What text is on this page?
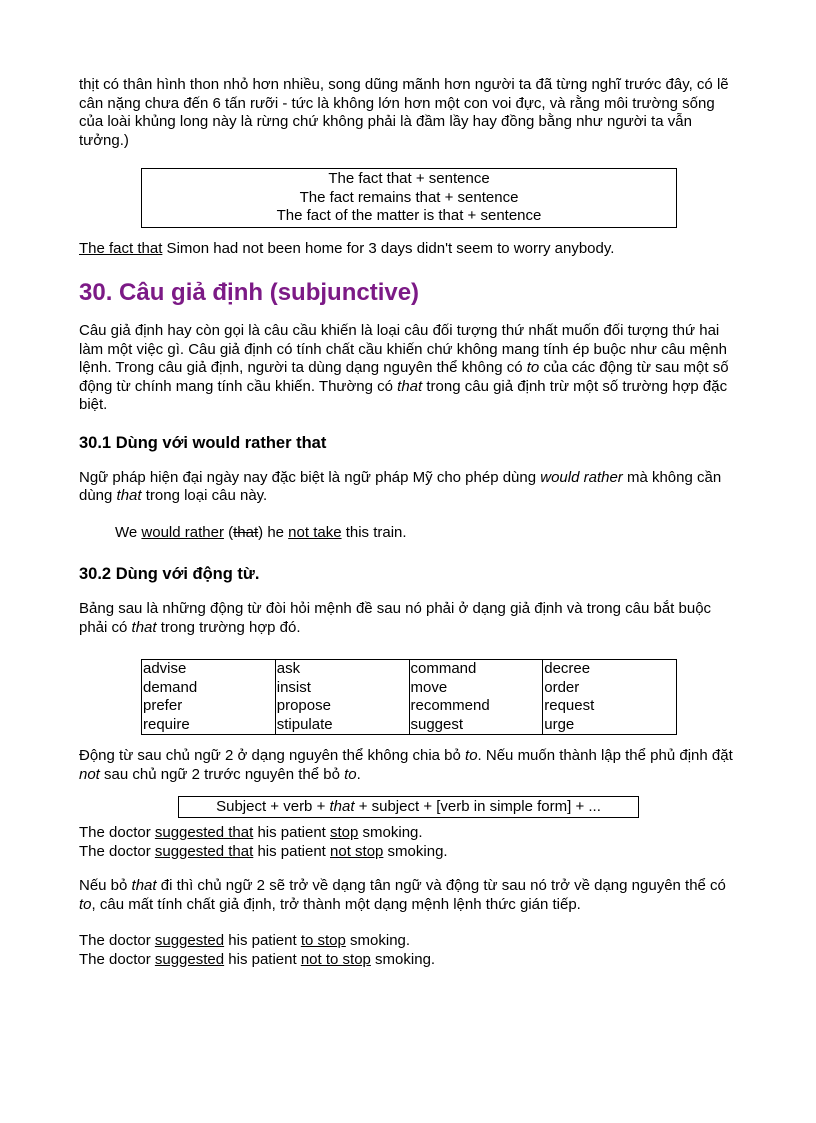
thịt có thân hình thon nhỏ hơn nhiều, song dũng mãnh hơn người ta đã từng nghĩ trước đây, có lẽ cân nặng chưa đến 6 tấn rưỡi - tức là không lớn hơn một con voi đực, và rằng môi trường sống của loài khủng long này là rừng chứ không phải là đầm lầy hay đồng bằng như người ta vẫn tưởng.)

The fact that + sentence
The fact remains that + sentence
The fact of the matter is that + sentence

The fact that Simon had not been home for 3 days didn't seem to worry anybody.

30. Câu giả định (subjunctive)

Câu giả định hay còn gọi là câu cầu khiến là loại câu đối tượng thứ nhất muốn đối tượng thứ hai làm một việc gì. Câu giả định có tính chất cầu khiến chứ không mang tính ép buộc như câu mệnh lệnh. Trong câu giả định, người ta dùng dạng nguyên thể không có to của các động từ sau một số động từ chính mang tính cầu khiến. Thường có that trong câu giả định trừ một số trường hợp đặc biệt.

30.1 Dùng với would rather that

Ngữ pháp hiện đại ngày nay đặc biệt là ngữ pháp Mỹ cho phép dùng would rather mà không cần dùng that trong loại câu này.

We would rather (that) he not take this train.

30.2 Dùng với động từ.

Bảng sau là những động từ đòi hỏi mệnh đề sau nó phải ở dạng giả định và trong câu bắt buộc phải có that trong trường hợp đó.

advise	ask	command	decree
demand	insist	move	order
prefer	propose	recommend	request
require	stipulate	suggest	urge

Động từ sau chủ ngữ 2 ở dạng nguyên thể không chia bỏ to. Nếu muốn thành lập thể phủ định đặt not sau chủ ngữ 2 trước nguyên thể bỏ to.

Subject + verb + that + subject + [verb in simple form] + ...

The doctor suggested that his patient stop smoking.

The doctor suggested that his patient not stop smoking.

Nếu bỏ that đi thì chủ ngữ 2 sẽ trở về dạng tân ngữ và động từ sau nó trở về dạng nguyên thể có to, câu mất tính chất giả định, trở thành một dạng mệnh lệnh thức gián tiếp.

The doctor suggested his patient to stop smoking.

The doctor suggested his patient not to stop smoking.
